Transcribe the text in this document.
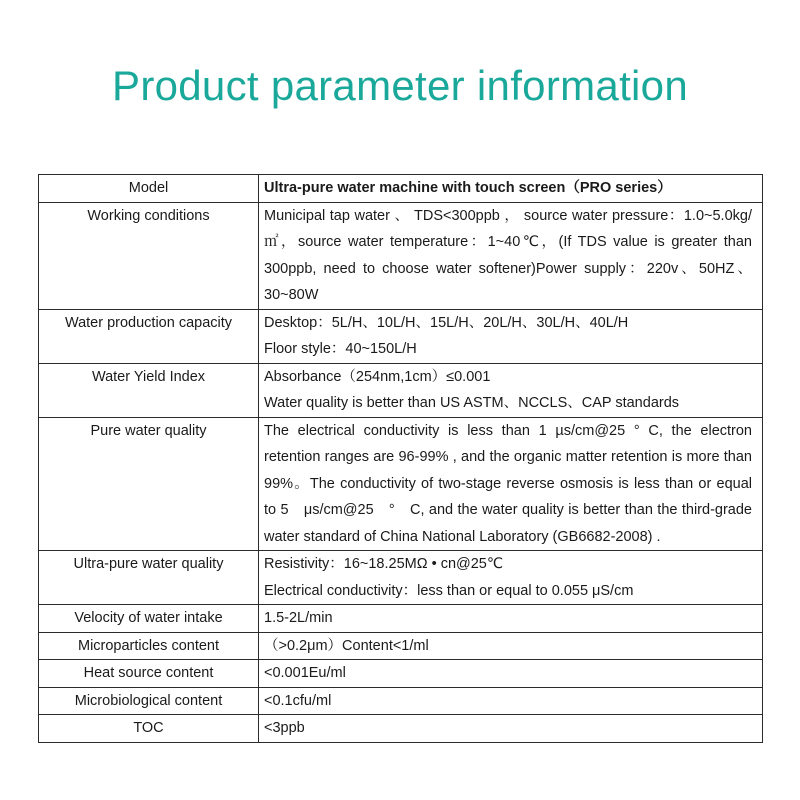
Product parameter information
Model	Ultra-pure water machine with touch screen（PRO series）

Working conditions	Municipal tap water 、 TDS<300ppb ， source water pressure：1.0~5.0kg/㎡，source water temperature：1~40℃，(If TDS value is greater than 300ppb, need to choose water softener)Power supply：220v、50HZ、30~80W

Water production capacity	Desktop：5L/H、10L/H、15L/H、20L/H、30L/H、40L/H
Floor style：40~150L/H

Water Yield Index	Absorbance（254nm,1cm）≤0.001
Water quality is better than US ASTM、NCCLS、CAP standards

Pure water quality	The electrical conductivity is less than 1 µs/cm@25 ° C, the electron retention ranges are 96-99% , and the organic matter retention is more than 99%。The conductivity of two-stage reverse osmosis is less than or equal to 5　μs/cm@25　°　C, and the water quality is better than the third-grade water standard of China National Laboratory (GB6682-2008) .

Ultra-pure water quality	Resistivity：16~18.25MΩ • cn@25℃
Electrical conductivity：less than or equal to 0.055 μS/cm

Velocity of water intake	1.5-2L/min

Microparticles content	（>0.2μm）Content<1/ml

Heat source content	<0.001Eu/ml

Microbiological content	<0.1cfu/ml

TOC	<3ppb
